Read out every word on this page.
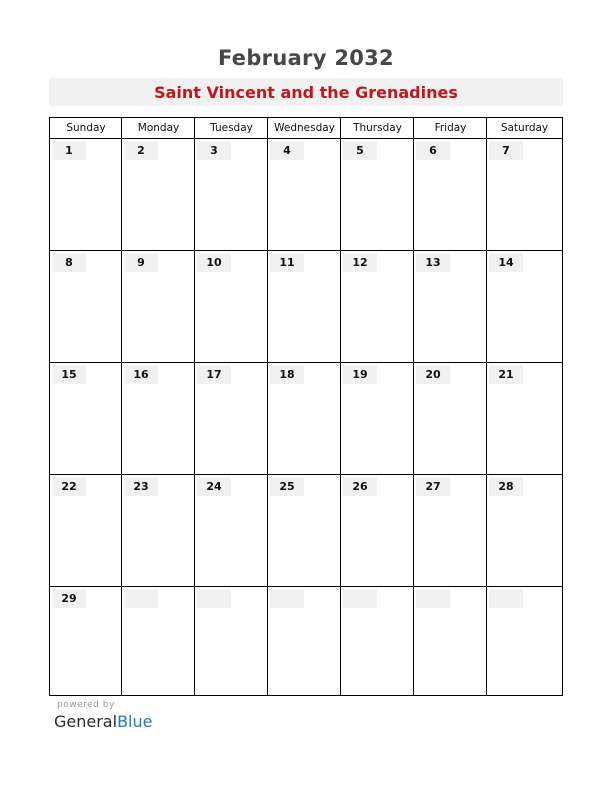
February 2032
Saint Vincent and the Grenadines
Sunday	Monday	Tuesday	Wednesday	Thursday	Friday	Saturday
1	2	3	4	5	6	7
8	9	10	11	12	13	14
15	16	17	18	19	20	21
22	23	24	25	26	27	28
29
powered by
GeneralBlue
